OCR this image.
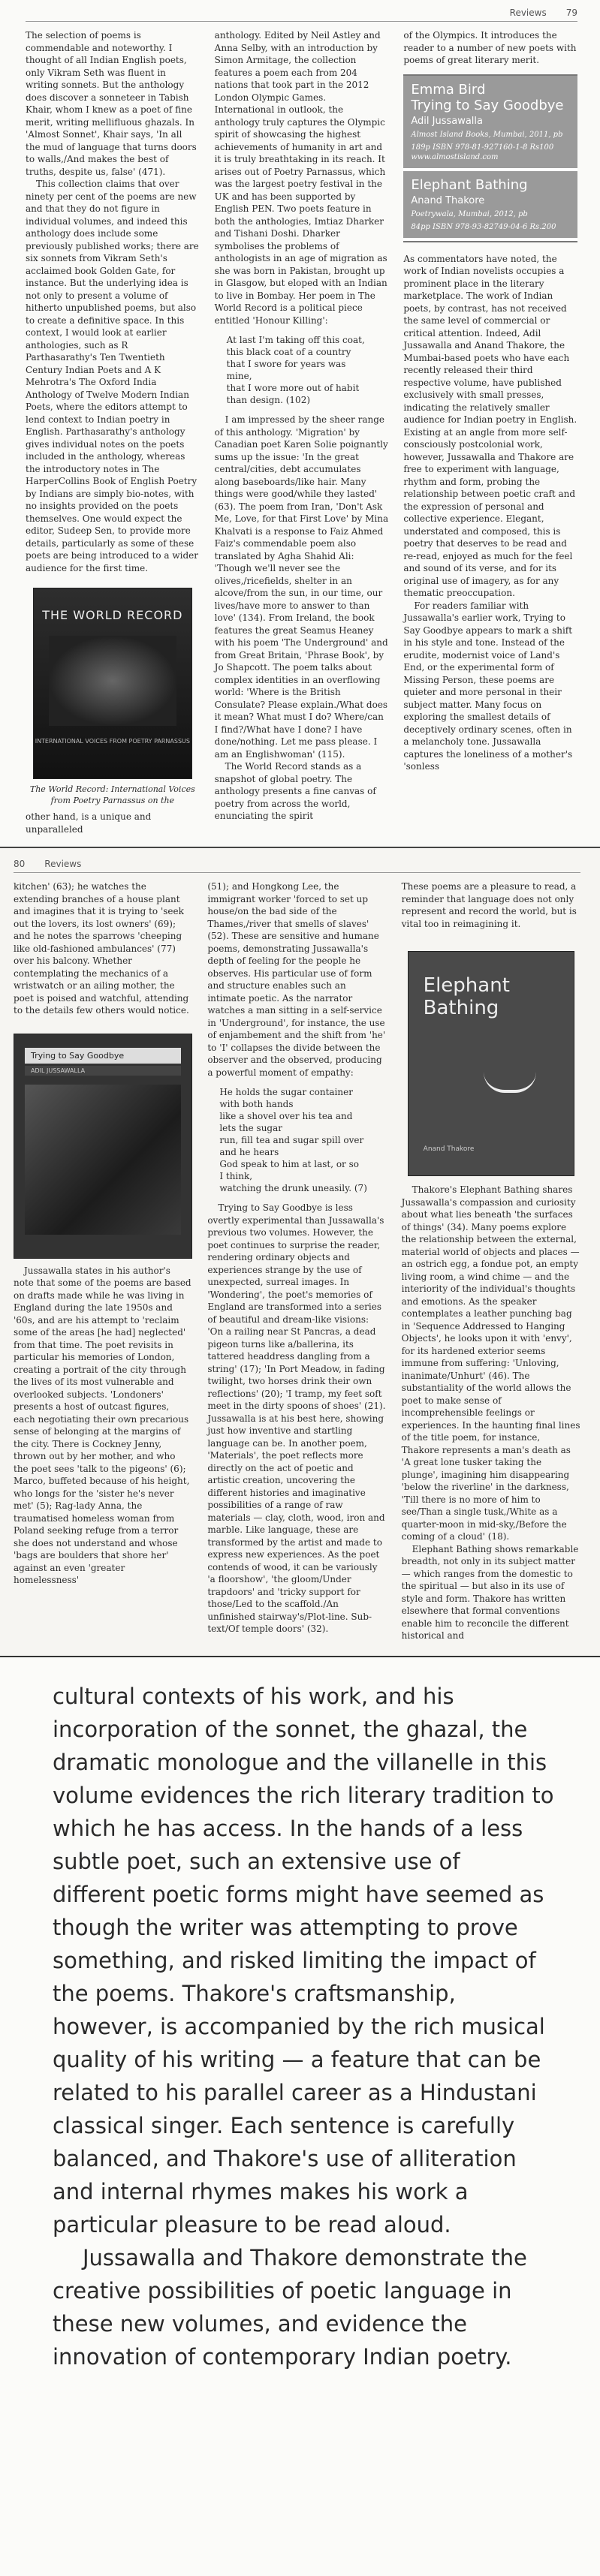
Reviews 79

The selection of poems is commendable and noteworthy. I thought of all Indian English poets, only Vikram Seth was fluent in writing sonnets. But the anthology does discover a sonneteer in Tabish Khair, whom I knew as a poet of fine merit, writing mellifluous ghazals. In 'Almost Sonnet', Khair says, 'In all the mud of language that turns doors to walls,/And makes the best of truths, despite us, false' (471).

This collection claims that over ninety per cent of the poems are new and that they do not figure in individual volumes, and indeed this anthology does include some previously published works; there are six sonnets from Vikram Seth's acclaimed book Golden Gate, for instance. But the underlying idea is not only to present a volume of hitherto unpublished poems, but also to create a definitive space. In this context, I would look at earlier anthologies, such as R Parthasarathy's Ten Twentieth Century Indian Poets and A K Mehrotra's The Oxford India Anthology of Twelve Modern Indian Poets, where the editors attempt to lend context to Indian poetry in English. Parthasarathy's anthology gives individual notes on the poets included in the anthology, whereas the introductory notes in The HarperCollins Book of English Poetry by Indians are simply bio-notes, with no insights provided on the poets themselves. One would expect the editor, Sudeep Sen, to provide more details, particularly as some of these poets are being introduced to a wider audience for the first time.

THE WORLD RECORD
INTERNATIONAL VOICES FROM POETRY PARNASSUS
The World Record: International Voices from Poetry Parnassus on the

other hand, is a unique and unparalleled

anthology. Edited by Neil Astley and Anna Selby, with an introduction by Simon Armitage, the collection features a poem each from 204 nations that took part in the 2012 London Olympic Games. International in outlook, the anthology truly captures the Olympic spirit of showcasing the highest achievements of humanity in art and it is truly breathtaking in its reach. It arises out of Poetry Parnassus, which was the largest poetry festival in the UK and has been supported by English PEN. Two poets feature in both the anthologies, Imtiaz Dharker and Tishani Doshi. Dharker symbolises the problems of anthologists in an age of migration as she was born in Pakistan, brought up in Glasgow, but eloped with an Indian to live in Bombay. Her poem in The World Record is a political piece entitled 'Honour Killing':

At last I'm taking off this coat,
this black coat of a country
that I swore for years was
mine,
that I wore more out of habit
than design. (102)

I am impressed by the sheer range of this anthology. 'Migration' by Canadian poet Karen Solie poignantly sums up the issue: 'In the great central/cities, debt accumulates along baseboards/like hair. Many things were good/while they lasted' (63). The poem from Iran, 'Don't Ask Me, Love, for that First Love' by Mina Khalvati is a response to Faiz Ahmed Faiz's commendable poem also translated by Agha Shahid Ali: 'Though we'll never see the olives,/ricefields, shelter in an alcove/from the sun, in our time, our lives/have more to answer to than love' (134). From Ireland, the book features the great Seamus Heaney with his poem 'The Underground' and from Great Britain, 'Phrase Book', by Jo Shapcott. The poem talks about complex identities in an overflowing world: 'Where is the British Consulate? Please explain./What does it mean? What must I do? Where/can I find?/What have I done? I have done/nothing. Let me pass please. I am an Englishwoman' (115).

The World Record stands as a snapshot of global poetry. The anthology presents a fine canvas of poetry from across the world, enunciating the spirit

of the Olympics. It introduces the reader to a number of new poets with poems of great literary merit.

Emma Bird
Trying to Say Goodbye
Adil Jussawalla
Almost Island Books, Mumbai, 2011, pb
189p ISBN 978-81-927160-1-8 Rs100 www.almostisland.com
Elephant Bathing
Anand Thakore
Poetrywala, Mumbai, 2012, pb
84pp ISBN 978-93-82749-04-6 Rs.200

As commentators have noted, the work of Indian novelists occupies a prominent place in the literary marketplace. The work of Indian poets, by contrast, has not received the same level of commercial or critical attention. Indeed, Adil Jussawalla and Anand Thakore, the Mumbai-based poets who have each recently released their third respective volume, have published exclusively with small presses, indicating the relatively smaller audience for Indian poetry in English. Existing at an angle from more self-consciously postcolonial work, however, Jussawalla and Thakore are free to experiment with language, rhythm and form, probing the relationship between poetic craft and the expression of personal and collective experience. Elegant, understated and composed, this is poetry that deserves to be read and re-read, enjoyed as much for the feel and sound of its verse, and for its original use of imagery, as for any thematic preoccupation.

For readers familiar with Jussawalla's earlier work, Trying to Say Goodbye appears to mark a shift in his style and tone. Instead of the erudite, modernist voice of Land's End, or the experimental form of Missing Person, these poems are quieter and more personal in their subject matter. Many focus on exploring the smallest details of deceptively ordinary scenes, often in a melancholy tone. Jussawalla captures the loneliness of a mother's 'sonless

80 Reviews

kitchen' (63); he watches the extending branches of a house plant and imagines that it is trying to 'seek out the lovers, its lost owners' (69); and he notes the sparrows 'cheeping like old-fashioned ambulances' (77) over his balcony. Whether contemplating the mechanics of a wristwatch or an ailing mother, the poet is poised and watchful, attending to the details few others would notice.

Trying to Say Goodbye
ADIL JUSSAWALLA

Jussawalla states in his author's note that some of the poems are based on drafts made while he was living in England during the late 1950s and '60s, and are his attempt to 'reclaim some of the areas [he had] neglected' from that time. The poet revisits in particular his memories of London, creating a portrait of the city through the lives of its most vulnerable and overlooked subjects. 'Londoners' presents a host of outcast figures, each negotiating their own precarious sense of belonging at the margins of the city. There is Cockney Jenny, thrown out by her mother, and who the poet sees 'talk to the pigeons' (6); Marco, buffeted because of his height, who longs for the 'sister he's never met' (5); Rag-lady Anna, the traumatised homeless woman from Poland seeking refuge from a terror she does not understand and whose 'bags are boulders that shore her' against an even 'greater homelessness'

(51); and Hongkong Lee, the immigrant worker 'forced to set up house/on the bad side of the Thames,/river that smells of slaves' (52). These are sensitive and humane poems, demonstrating Jussawalla's depth of feeling for the people he observes. His particular use of form and structure enables such an intimate poetic. As the narrator watches a man sitting in a self-service in 'Underground', for instance, the use of enjambement and the shift from 'he' to 'I' collapses the divide between the observer and the observed, producing a powerful moment of empathy:

He holds the sugar container
with both hands
like a shovel over his tea and
lets the sugar
run, fill tea and sugar spill over
and he hears
God speak to him at last, or so
I think,
watching the drunk uneasily. (7)

Trying to Say Goodbye is less overtly experimental than Jussawalla's previous two volumes. However, the poet continues to surprise the reader, rendering ordinary objects and experiences strange by the use of unexpected, surreal images. In 'Wondering', the poet's memories of England are transformed into a series of beautiful and dream-like visions: 'On a railing near St Pancras, a dead pigeon turns like a/ballerina, its tattered headdress dangling from a string' (17); 'In Port Meadow, in fading twilight, two horses drink their own reflections' (20); 'I tramp, my feet soft meet in the dirty spoons of shoes' (21). Jussawalla is at his best here, showing just how inventive and startling language can be. In another poem, 'Materials', the poet reflects more directly on the act of poetic and artistic creation, uncovering the different histories and imaginative possibilities of a range of raw materials — clay, cloth, wood, iron and marble. Like language, these are transformed by the artist and made to express new experiences. As the poet contends of wood, it can be variously 'a floorshow', 'the gloom/Under trapdoors' and 'tricky support for those/Led to the scaffold./An unfinished stairway's/Plot-line. Sub-text/Of temple doors' (32).

These poems are a pleasure to read, a reminder that language does not only represent and record the world, but is vital too in reimagining it.

Elephant Bathing
Anand Thakore

Thakore's Elephant Bathing shares Jussawalla's compassion and curiosity about what lies beneath 'the surfaces of things' (34). Many poems explore the relationship between the external, material world of objects and places — an ostrich egg, a fondue pot, an empty living room, a wind chime — and the interiority of the individual's thoughts and emotions. As the speaker contemplates a leather punching bag in 'Sequence Addressed to Hanging Objects', he looks upon it with 'envy', for its hardened exterior seems immune from suffering: 'Unloving, inanimate/Unhurt' (46). The substantiality of the world allows the poet to make sense of incomprehensible feelings or experiences. In the haunting final lines of the title poem, for instance, Thakore represents a man's death as 'A great lone tusker taking the plunge', imagining him disappearing 'below the riverline' in the darkness, 'Till there is no more of him to see/Than a single tusk,/White as a quarter-moon in mid-sky,/Before the coming of a cloud' (18).

Elephant Bathing shows remarkable breadth, not only in its subject matter — which ranges from the domestic to the spiritual — but also in its use of style and form. Thakore has written elsewhere that formal conventions enable him to reconcile the different historical and

cultural contexts of his work, and his incorporation of the sonnet, the ghazal, the dramatic monologue and the villanelle in this volume evidences the rich literary tradition to which he has access. In the hands of a less subtle poet, such an extensive use of different poetic forms might have seemed as though the writer was attempting to prove something, and risked limiting the impact of the poems. Thakore's craftsmanship, however, is accompanied by the rich musical quality of his writing — a feature that can be related to his parallel career as a Hindustani classical singer. Each sentence is carefully balanced, and Thakore's use of alliteration and internal rhymes makes his work a particular pleasure to be read aloud.

Jussawalla and Thakore demonstrate the creative possibilities of poetic language in these new volumes, and evidence the innovation of contemporary Indian poetry.
